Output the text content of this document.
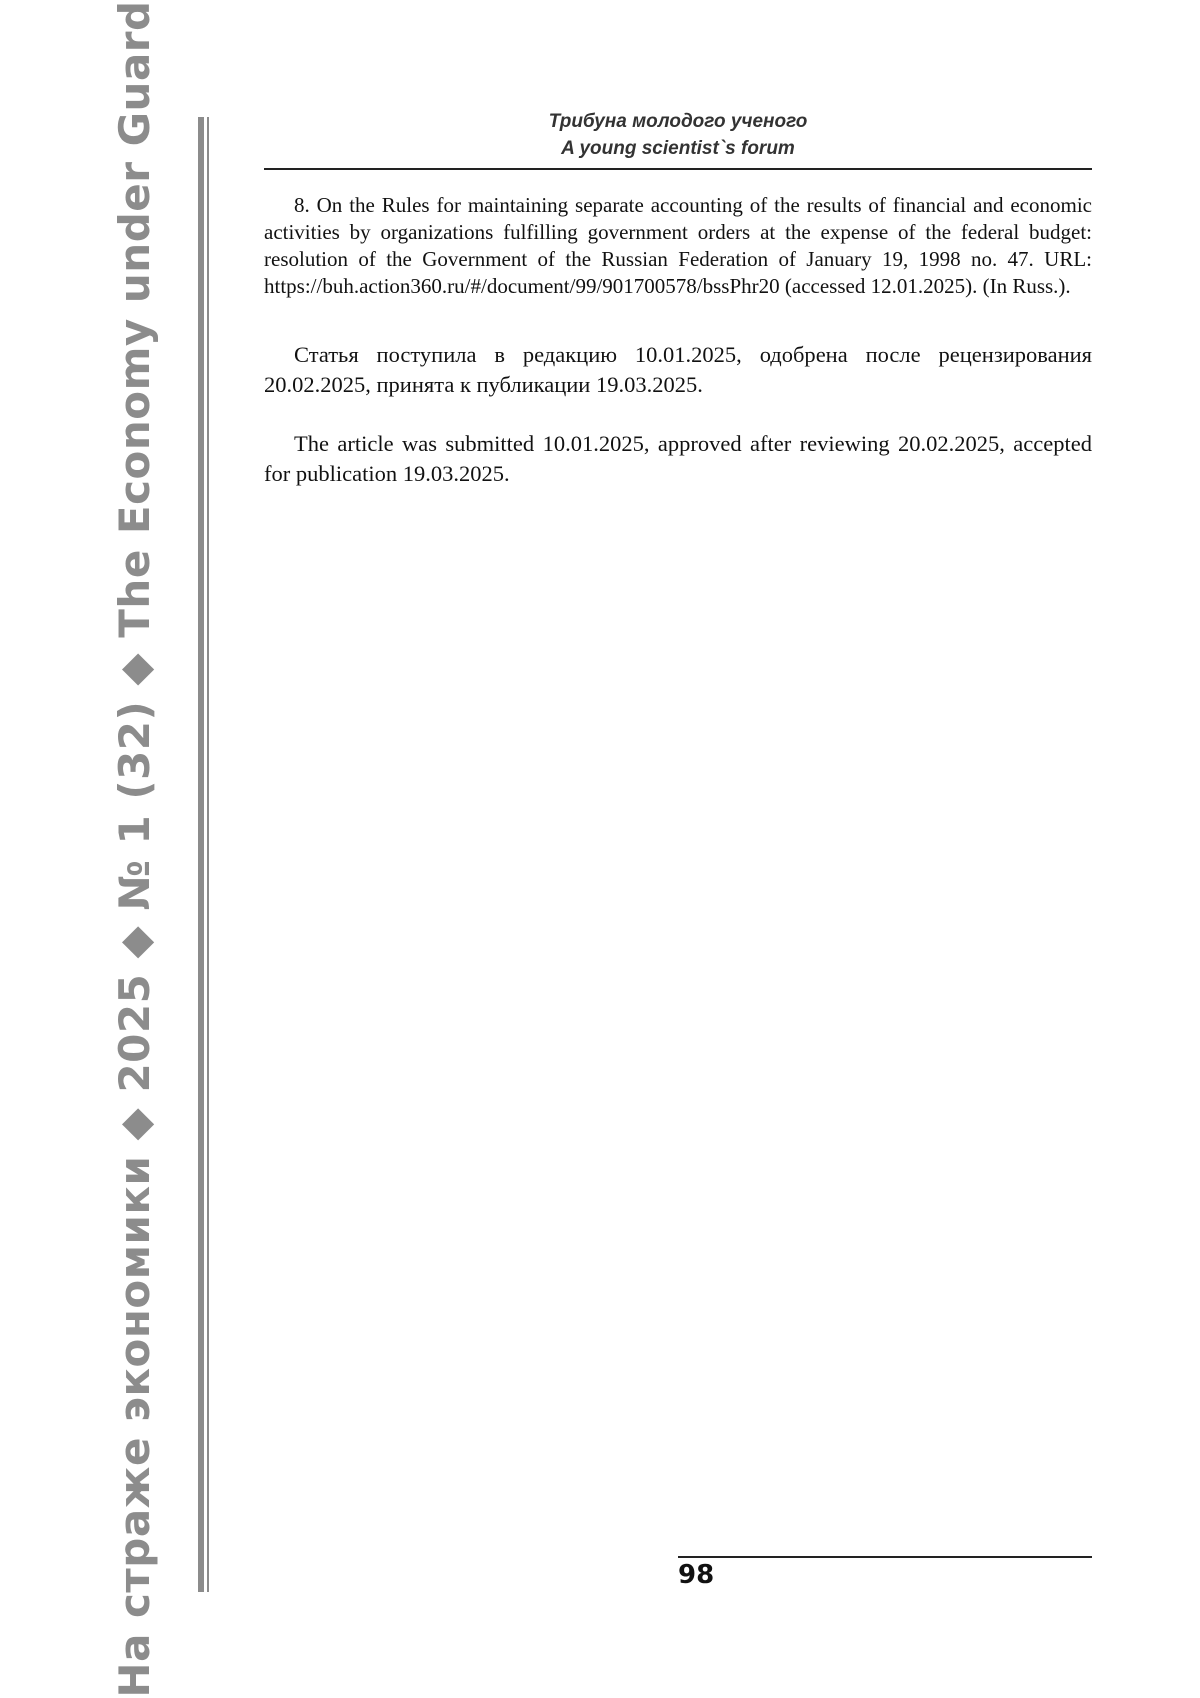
На страже экономики ◆ 2025 ◆ № 1 (32) ◆ The Economy under Guard	Трибуна молодого ученого
A young scientist`s forum

8. On the Rules for maintaining separate accounting of the results of financial and economic activities by organizations fulfilling government orders at the expense of the federal budget: resolution of the Government of the Russian Federation of January 19, 1998 no. 47. URL: https://buh.action360.ru/#/document/99/901700578/bssPhr20 (accessed 12.01.2025). (In Russ.).

Статья поступила в редакцию 10.01.2025, одобрена после рецензирования 20.02.2025, принята к публикации 19.03.2025.

The article was submitted 10.01.2025, approved after reviewing 20.02.2025, accepted for publication 19.03.2025.

98
